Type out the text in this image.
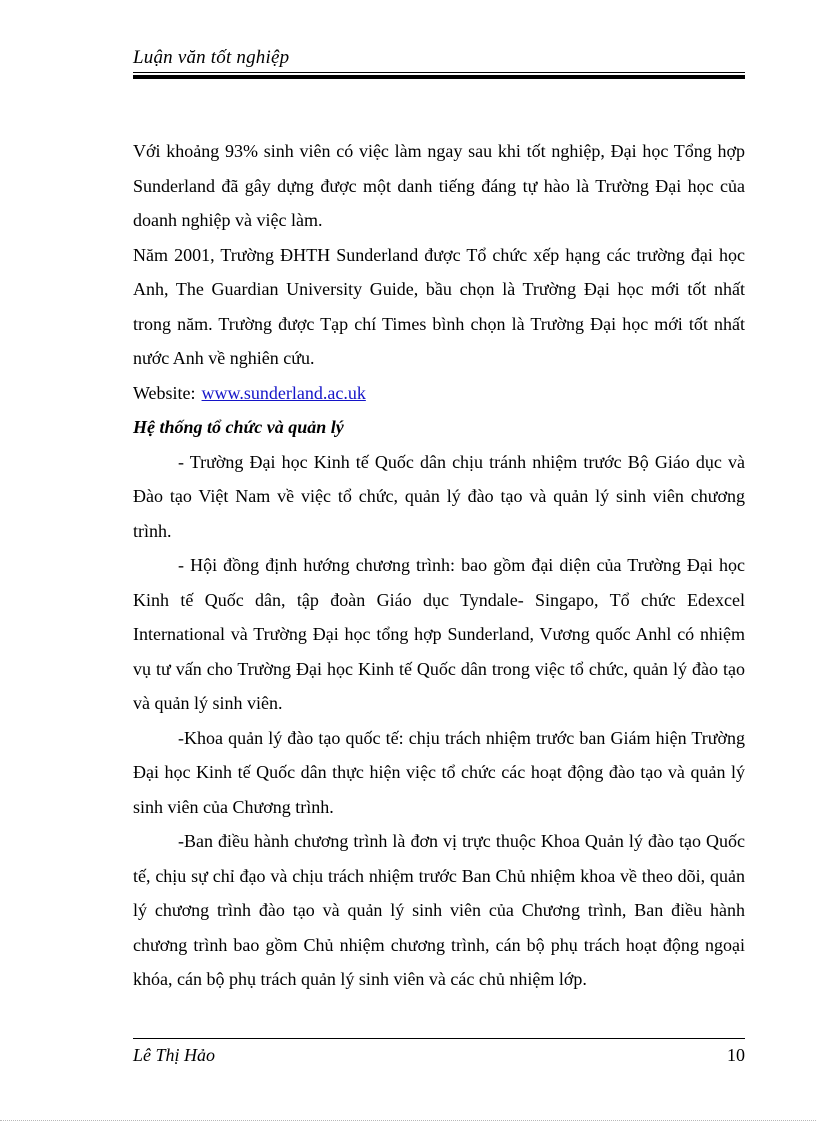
Luận văn tốt nghiệp

Với khoảng 93% sinh viên có việc làm ngay sau khi tốt nghiệp, Đại học Tổng hợp Sunderland đã gây dựng được một danh tiếng đáng tự hào là Trường Đại học của doanh nghiệp và việc làm.

Năm 2001, Trường ĐHTH Sunderland được Tổ chức xếp hạng các trường đại học Anh, The Guardian University Guide, bầu chọn là Trường Đại học mới tốt nhất trong năm. Trường được Tạp chí Times bình chọn là Trường Đại học mới tốt nhất nước Anh về nghiên cứu.

Website: www.sunderland.ac.uk

Hệ thống tổ chức và quản lý

- Trường Đại học Kinh tế Quốc dân chịu tránh nhiệm trước Bộ Giáo dục và Đào tạo Việt Nam về việc tổ chức, quản lý đào tạo và quản lý sinh viên chương trình.

- Hội đồng định hướng chương trình: bao gồm đại diện của Trường Đại học Kinh tế Quốc dân, tập đoàn Giáo dục Tyndale- Singapo, Tổ chức Edexcel International và Trường Đại học tổng hợp Sunderland, Vương quốc Anhl có nhiệm vụ tư vấn cho Trường Đại học Kinh tế Quốc dân trong việc tổ chức, quản lý đào tạo và quản lý sinh viên.

-Khoa quản lý đào tạo quốc tế: chịu trách nhiệm trước ban Giám hiện Trường Đại học Kinh tế Quốc dân thực hiện việc tổ chức các hoạt động đào tạo và quản lý sinh viên của Chương trình.

-Ban điều hành chương trình là đơn vị trực thuộc Khoa Quản lý đào tạo Quốc tế, chịu sự chỉ đạo và chịu trách nhiệm trước Ban Chủ nhiệm khoa về theo dõi, quản lý chương trình đào tạo và quản lý sinh viên của Chương trình, Ban điều hành chương trình bao gồm Chủ nhiệm chương trình, cán bộ phụ trách hoạt động ngoại khóa, cán bộ phụ trách quản lý sinh viên và các chủ nhiệm lớp.

Lê Thị Hảo	10
